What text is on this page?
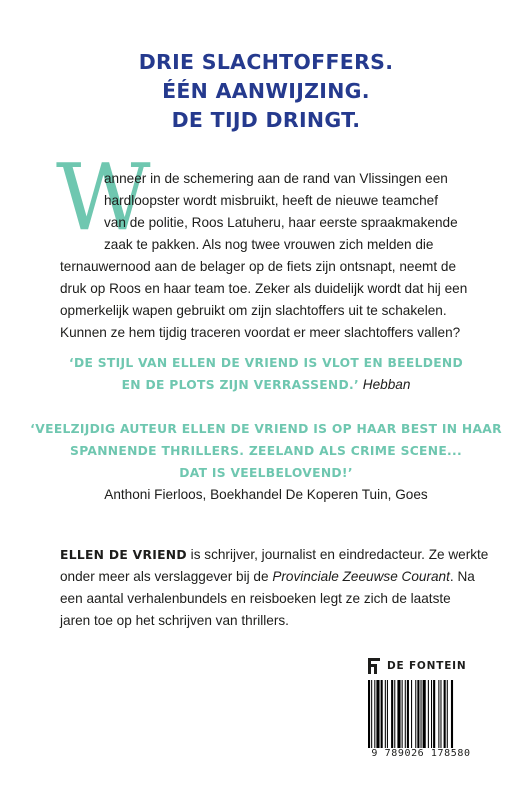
DRIE SLACHTOFFERS.
ÉÉN AANWIJZING.
DE TIJD DRINGT.
W
anneer in de schemering aan de rand van Vlissingen een
hardloopster wordt misbruikt, heeft de nieuwe teamchef
van de politie, Roos Latuheru, haar eerste spraakmakende
zaak te pakken. Als nog twee vrouwen zich melden die
ternauwernood aan de belager op de fiets zijn ontsnapt, neemt de
druk op Roos en haar team toe. Zeker als duidelijk wordt dat hij een
opmerkelijk wapen gebruikt om zijn slachtoffers uit te schakelen.
Kunnen ze hem tijdig traceren voordat er meer slachtoffers vallen?
‘DE STIJL VAN ELLEN DE VRIEND IS VLOT EN BEELDEND
EN DE PLOTS ZIJN VERRASSEND.’ Hebban
‘VEELZIJDIG AUTEUR ELLEN DE VRIEND IS OP HAAR BEST IN HAAR
SPANNENDE THRILLERS. ZEELAND ALS CRIME SCENE...
DAT IS VEELBELOVEND!’
Anthoni Fierloos, Boekhandel De Koperen Tuin, Goes
ELLEN DE VRIEND is schrijver, journalist en eindredacteur. Ze werkte
onder meer als verslaggever bij de Provinciale Zeeuwse Courant. Na
een aantal verhalenbundels en reisboeken legt ze zich de laatste
jaren toe op het schrijven van thrillers.
DE FONTEIN
9 789026 178580
